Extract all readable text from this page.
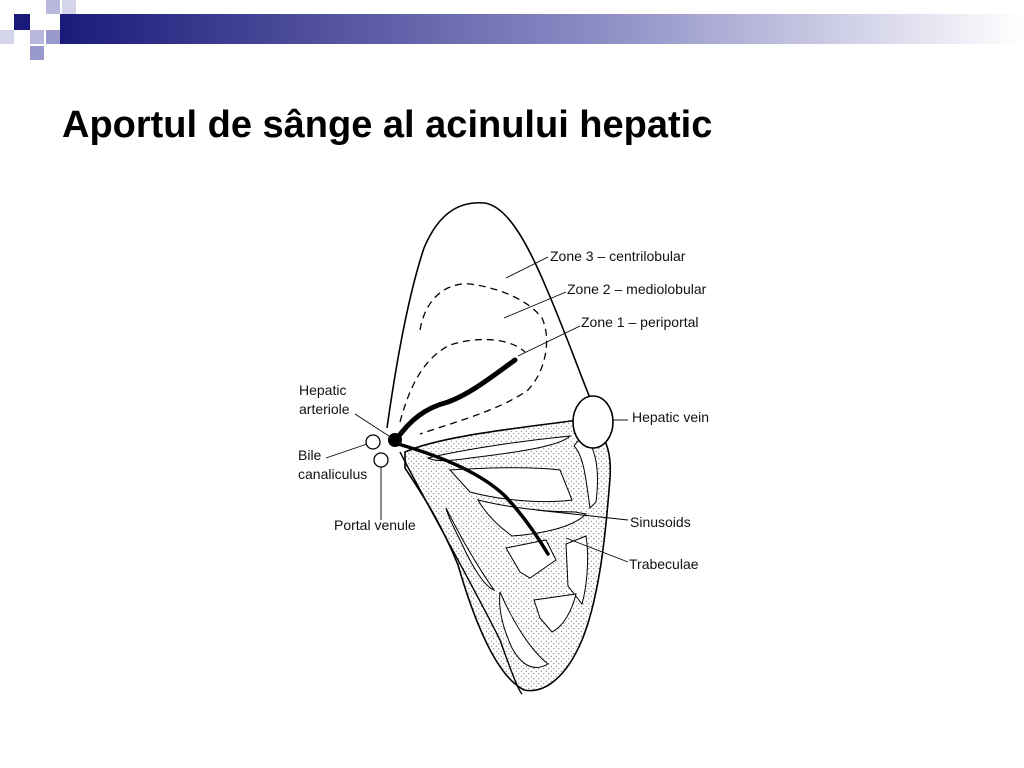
Aportul de sânge al acinului hepatic
Zone 3 – centrilobular
Zone 2 – mediolobular
Zone 1 – periportal
Hepatic
arteriole
Bile
canaliculus
Portal venule
Hepatic vein
Sinusoids
Trabeculae
